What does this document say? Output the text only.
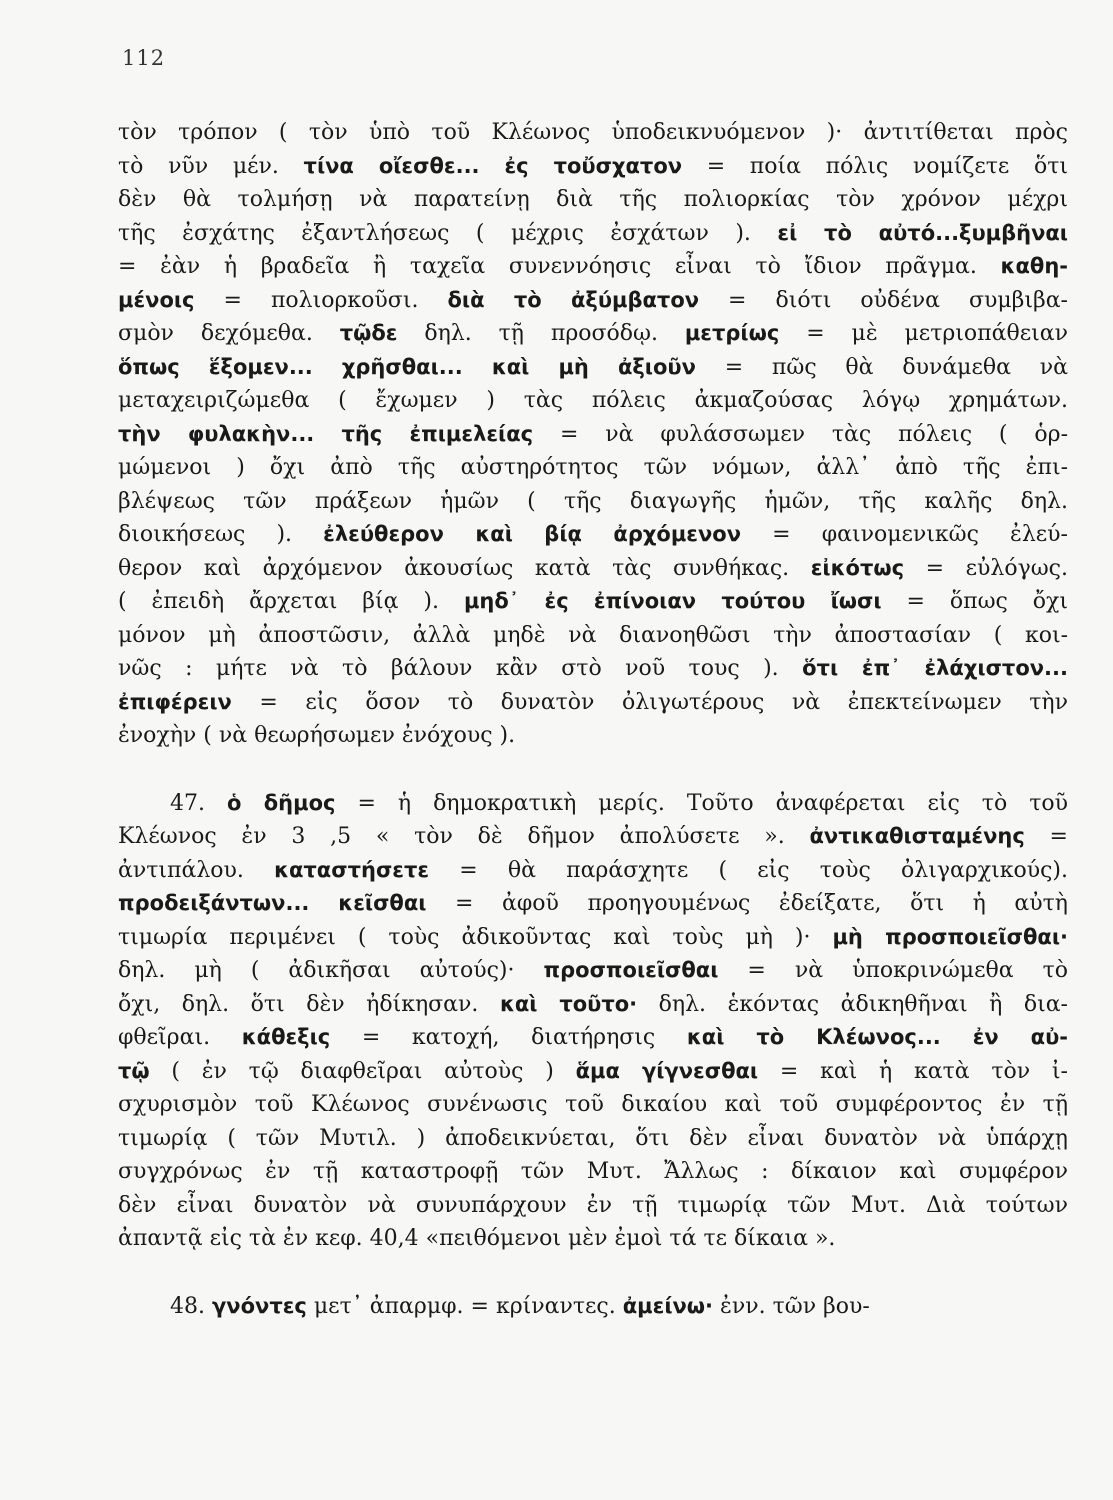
112
τὸν τρόπον ( τὸν ὑπὸ τοῦ Κλέωνος ὑποδεικνυόμενον )· ἀντιτίθεται πρὸς
τὸ νῦν μέν. τίνα οἴεσθε... ἐς τοὔσχατον = ποία πόλις νομίζετε ὅτι
δὲν θὰ τολμήσῃ νὰ παρατείνῃ διὰ τῆς πολιορκίας τὸν χρόνον μέχρι
τῆς ἐσχάτης ἐξαντλήσεως ( μέχρις ἐσχάτων ). εἰ τὸ αὐτό...ξυμβῆναι
= ἐὰν ἡ βραδεῖα ἢ ταχεῖα συνεννόησις εἶναι τὸ ἴδιον πρᾶγμα. καθη-
μένοις = πολιορκοῦσι. διὰ τὸ ἀξύμβατον = διότι οὐδένα συμβιβα-
σμὸν δεχόμεθα. τῷδε δηλ. τῇ προσόδῳ. μετρίως = μὲ μετριοπάθειαν
ὅπως ἕξομεν... χρῆσθαι... καὶ μὴ ἀξιοῦν = πῶς θὰ δυνάμεθα νὰ
μεταχειριζώμεθα ( ἔχωμεν ) τὰς πόλεις ἀκμαζούσας λόγῳ χρημάτων.
τὴν φυλακὴν... τῆς ἐπιμελείας = νὰ φυλάσσωμεν τὰς πόλεις ( ὁρ-
μώμενοι ) ὄχι ἀπὸ τῆς αὐστηρότητος τῶν νόμων, ἀλλ᾽ ἀπὸ τῆς ἐπι-
βλέψεως τῶν πράξεων ἡμῶν ( τῆς διαγωγῆς ἡμῶν, τῆς καλῆς δηλ.
διοικήσεως ). ἐλεύθερον καὶ βίᾳ ἀρχόμενον = φαινομενικῶς ἐλεύ-
θερον καὶ ἀρχόμενον ἀκουσίως κατὰ τὰς συνθήκας. εἰκότως = εὐλόγως.
( ἐπειδὴ ἄρχεται βίᾳ ). μηδ᾽ ἐς ἐπίνοιαν τούτου ἴωσι = ὅπως ὄχι
μόνον μὴ ἀποστῶσιν, ἀλλὰ μηδὲ νὰ διανοηθῶσι τὴν ἀποστασίαν ( κοι-
νῶς : μήτε νὰ τὸ βάλουν κἂν στὸ νοῦ τους ). ὅτι ἐπ᾽ ἐλάχιστον...
ἐπιφέρειν = εἰς ὅσον τὸ δυνατὸν ὀλιγωτέρους νὰ ἐπεκτείνωμεν τὴν
ἐνοχὴν ( νὰ θεωρήσωμεν ἐνόχους ).
47. ὁ δῆμος = ἡ δημοκρατικὴ μερίς. Τοῦτο ἀναφέρεται εἰς τὸ τοῦ
Κλέωνος ἐν 3 ,5 « τὸν δὲ δῆμον ἀπολύσετε ». ἀντικαθισταμένης =
ἀντιπάλου. καταστήσετε = θὰ παράσχητε ( εἰς τοὺς ὀλιγαρχικούς).
προδειξάντων... κεῖσθαι = ἀφοῦ προηγουμένως ἐδείξατε, ὅτι ἡ αὐτὴ
τιμωρία περιμένει ( τοὺς ἀδικοῦντας καὶ τοὺς μὴ )· μὴ προσποιεῖσθαι·
δηλ. μὴ ( ἀδικῆσαι αὐτούς)· προσποιεῖσθαι = νὰ ὑποκρινώμεθα τὸ
ὄχι, δηλ. ὅτι δὲν ἠδίκησαν. καὶ τοῦτο· δηλ. ἑκόντας ἀδικηθῆναι ἢ δια-
φθεῖραι. κάθεξις = κατοχή, διατήρησις καὶ τὸ Κλέωνος... ἐν αὐ-
τῷ ( ἐν τῷ διαφθεῖραι αὐτοὺς ) ἅμα γίγνεσθαι = καὶ ἡ κατὰ τὸν ἰ-
σχυρισμὸν τοῦ Κλέωνος συνένωσις τοῦ δικαίου καὶ τοῦ συμφέροντος ἐν τῇ
τιμωρίᾳ ( τῶν Μυτιλ. ) ἀποδεικνύεται, ὅτι δὲν εἶναι δυνατὸν νὰ ὑπάρχῃ
συγχρόνως ἐν τῇ καταστροφῇ τῶν Μυτ. Ἄλλως : δίκαιον καὶ συμφέρον
δὲν εἶναι δυνατὸν νὰ συνυπάρχουν ἐν τῇ τιμωρίᾳ τῶν Μυτ. Διὰ τούτων
ἀπαντᾷ εἰς τὰ ἐν κεφ. 40,4 «πειθόμενοι μὲν ἐμοὶ τά τε δίκαια ».
48. γνόντες μετ᾽ ἀπαρμφ. = κρίναντες. ἀμείνω· ἐνν. τῶν βου-
